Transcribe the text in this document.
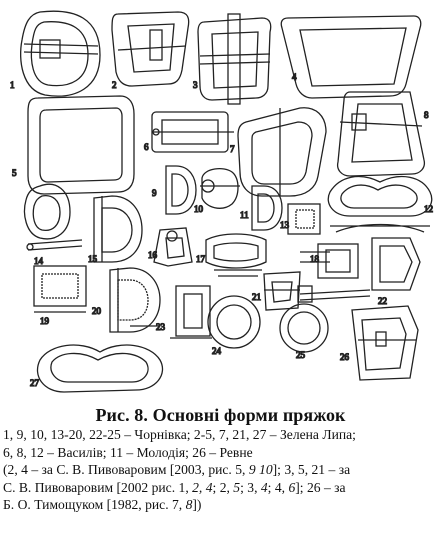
1	2	3
4
5
6	7
8
9
10
11
12
13
14	15	16	17	18
19
20
21	22
23
24	25	26
27

Рис. 8. Основні форми пряжок

1, 9, 10, 13-20, 22-25 – Чорнівка; 2-5, 7, 21, 27 – Зелена Липа;

6, 8, 12 – Василів; 11 – Молодія; 26 – Ревне

(2, 4 – за С. В. Пивоваровим [2003, рис. 5, 9 10]; 3, 5, 21 – за

С. В. Пивоваровим [2002 рис. 1, 2, 4; 2, 5; 3, 4; 4, 6]; 26 – за

Б. О. Тимощуком [1982, рис. 7, 8])
